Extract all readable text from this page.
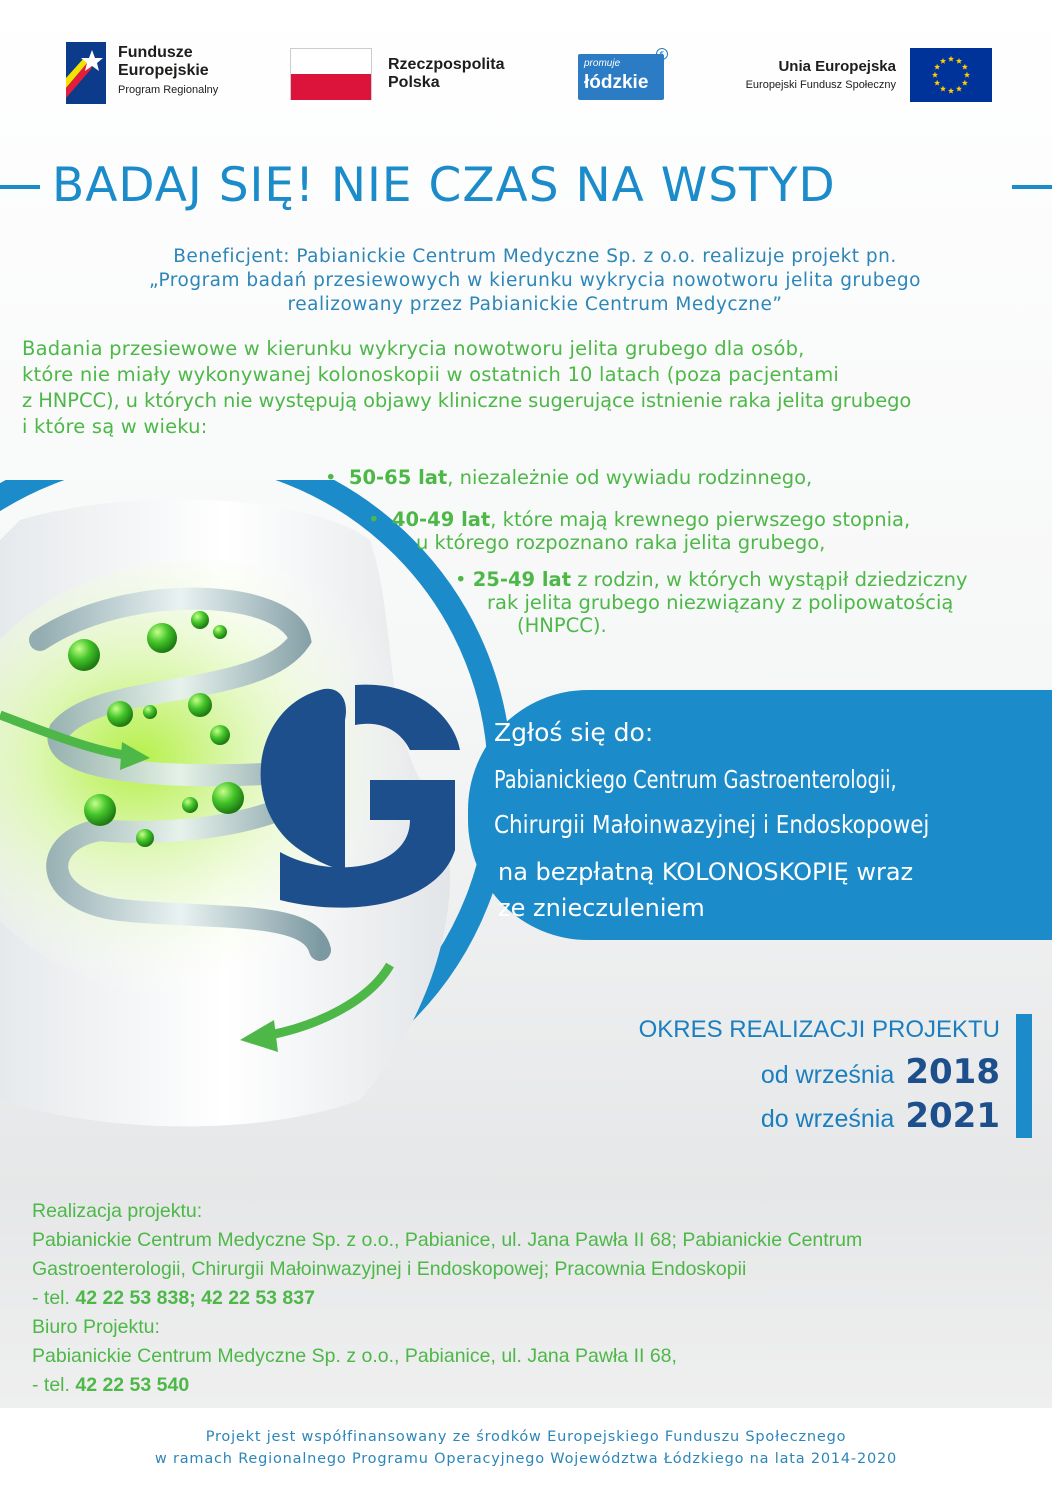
Fundusze
Europejskie
Program Regionalny
Rzeczpospolita
Polska
promuje
łódzkie
€
Unia Europejska
Europejski Fundusz Społeczny
BADAJ SIĘ! NIE CZAS NA WSTYD
Beneficjent: Pabianickie Centrum Medyczne Sp. z o.o. realizuje projekt pn.
„Program badań przesiewowych w kierunku wykrycia nowotworu jelita grubego
realizowany przez Pabianickie Centrum Medyczne”
Badania przesiewowe w kierunku wykrycia nowotworu jelita grubego dla osób,
które nie miały wykonywanej kolonoskopii w ostatnich 10 latach (poza pacjentami
z HNPCC), u których nie występują objawy kliniczne sugerujące istnienie raka jelita grubego
i które są w wieku:
Zgłoś się do:
Pabianickiego Centrum Gastroenterologii,
Chirurgii Małoinwazyjnej i Endoskopowej
na bezpłatną KOLONOSKOPIĘ wraz
ze znieczuleniem
• 50-65 lat, niezależnie od wywiadu rodzinnego,
• 40-49 lat, które mają krewnego pierwszego stopnia,
u którego rozpoznano raka jelita grubego,
• 25-49 lat z rodzin, w których wystąpił dziedziczny
rak jelita grubego niezwiązany z polipowatością
(HNPCC).
OKRES REALIZACJI PROJEKTU
od września 2018
do września 2021
Realizacja projektu:
Pabianickie Centrum Medyczne Sp. z o.o., Pabianice, ul. Jana Pawła II 68; Pabianickie Centrum
Gastroenterologii, Chirurgii Małoinwazyjnej i Endoskopowej; Pracownia Endoskopii
- tel. 42 22 53 838; 42 22 53 837
Biuro Projektu:
Pabianickie Centrum Medyczne Sp. z o.o., Pabianice, ul. Jana Pawła II 68,
- tel. 42 22 53 540
Projekt jest współfinansowany ze środków Europejskiego Funduszu Społecznego
w ramach Regionalnego Programu Operacyjnego Województwa Łódzkiego na lata 2014-2020
